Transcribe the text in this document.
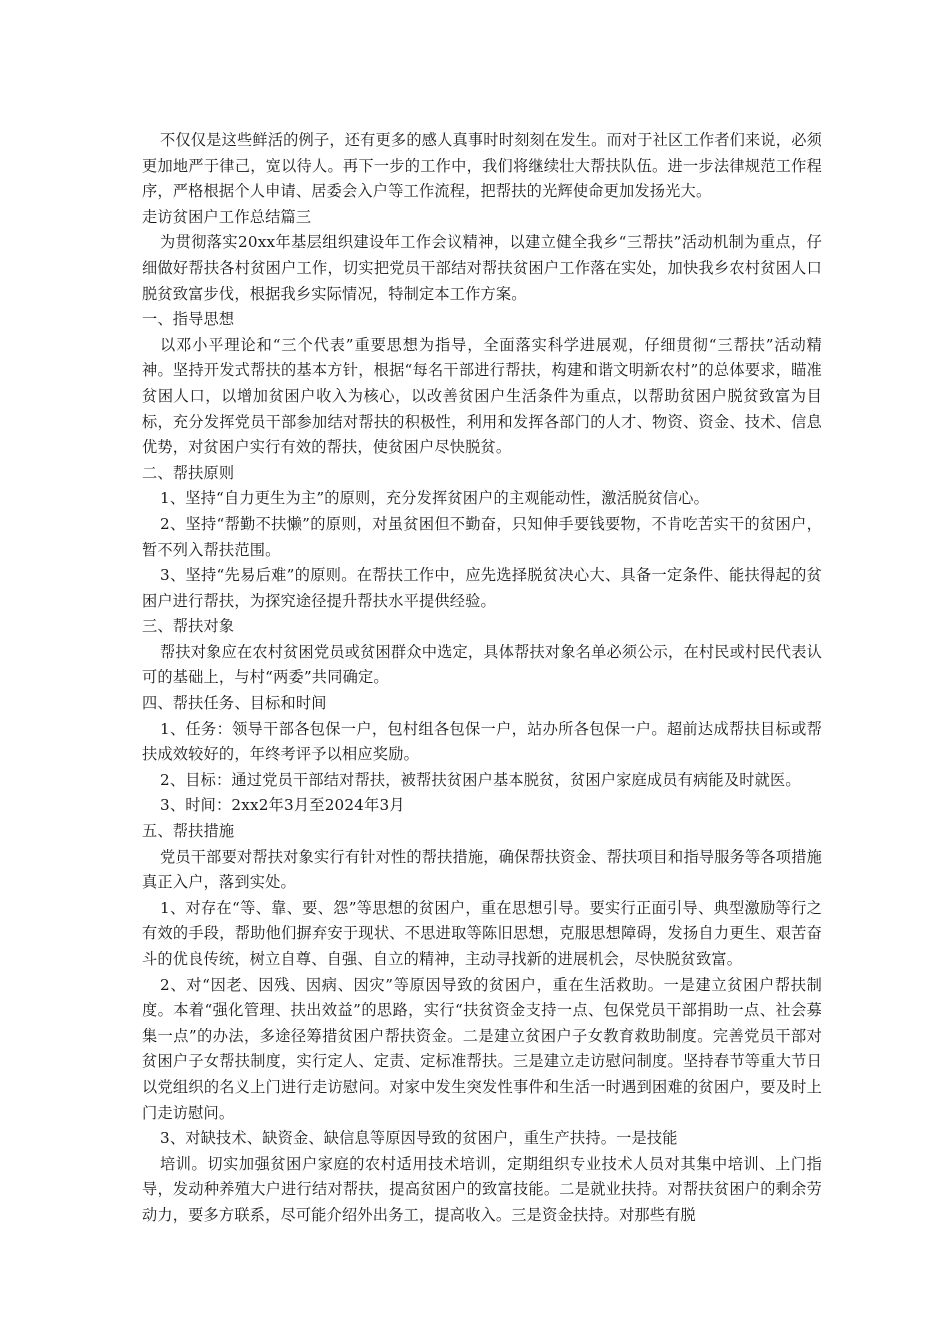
不仅仅是这些鲜活的例子，还有更多的感人真事时时刻刻在发生。而对于社区工作者们来说，必须更加地严于律己，宽以待人。再下一步的工作中，我们将继续壮大帮扶队伍。进一步法律规范工作程序，严格根据个人申请、居委会入户等工作流程，把帮扶的光辉使命更加发扬光大。

走访贫困户工作总结篇三

为贯彻落实20xx年基层组织建设年工作会议精神，以建立健全我乡“三帮扶”活动机制为重点，仔细做好帮扶各村贫困户工作，切实把党员干部结对帮扶贫困户工作落在实处，加快我乡农村贫困人口脱贫致富步伐，根据我乡实际情况，特制定本工作方案。

一、指导思想

以邓小平理论和“三个代表”重要思想为指导，全面落实科学进展观，仔细贯彻“三帮扶”活动精神。坚持开发式帮扶的基本方针，根据“每名干部进行帮扶，构建和谐文明新农村”的总体要求，瞄准贫困人口，以增加贫困户收入为核心，以改善贫困户生活条件为重点，以帮助贫困户脱贫致富为目标，充分发挥党员干部参加结对帮扶的积极性，利用和发挥各部门的人才、物资、资金、技术、信息优势，对贫困户实行有效的帮扶，使贫困户尽快脱贫。

二、帮扶原则

1、坚持“自力更生为主”的原则，充分发挥贫困户的主观能动性，激活脱贫信心。

2、坚持“帮勤不扶懒”的原则，对虽贫困但不勤奋，只知伸手要钱要物，不肯吃苦实干的贫困户，暂不列入帮扶范围。

3、坚持“先易后难”的原则。在帮扶工作中，应先选择脱贫决心大、具备一定条件、能扶得起的贫困户进行帮扶，为探究途径提升帮扶水平提供经验。

三、帮扶对象

帮扶对象应在农村贫困党员或贫困群众中选定，具体帮扶对象名单必须公示，在村民或村民代表认可的基础上，与村“两委”共同确定。

四、帮扶任务、目标和时间

1、任务：领导干部各包保一户，包村组各包保一户，站办所各包保一户。超前达成帮扶目标或帮扶成效较好的，年终考评予以相应奖励。

2、目标：通过党员干部结对帮扶，被帮扶贫困户基本脱贫，贫困户家庭成员有病能及时就医。

3、时间：2xx2年3月至2024年3月

五、帮扶措施

党员干部要对帮扶对象实行有针对性的帮扶措施，确保帮扶资金、帮扶项目和指导服务等各项措施真正入户，落到实处。

1、对存在“等、靠、要、怨”等思想的贫困户，重在思想引导。要实行正面引导、典型激励等行之有效的手段，帮助他们摒弃安于现状、不思进取等陈旧思想，克服思想障碍，发扬自力更生、艰苦奋斗的优良传统，树立自尊、自强、自立的精神，主动寻找新的进展机会，尽快脱贫致富。

2、对“因老、因残、因病、因灾”等原因导致的贫困户，重在生活救助。一是建立贫困户帮扶制度。本着“强化管理、扶出效益”的思路，实行“扶贫资金支持一点、包保党员干部捐助一点、社会募集一点”的办法，多途径筹措贫困户帮扶资金。二是建立贫困户子女教育救助制度。完善党员干部对贫困户子女帮扶制度，实行定人、定责、定标准帮扶。三是建立走访慰问制度。坚持春节等重大节日以党组织的名义上门进行走访慰问。对家中发生突发性事件和生活一时遇到困难的贫困户，要及时上门走访慰问。

3、对缺技术、缺资金、缺信息等原因导致的贫困户，重生产扶持。一是技能

培训。切实加强贫困户家庭的农村适用技术培训，定期组织专业技术人员对其集中培训、上门指导，发动种养殖大户进行结对帮扶，提高贫困户的致富技能。二是就业扶持。对帮扶贫困户的剩余劳动力，要多方联系，尽可能介绍外出务工，提高收入。三是资金扶持。对那些有脱
